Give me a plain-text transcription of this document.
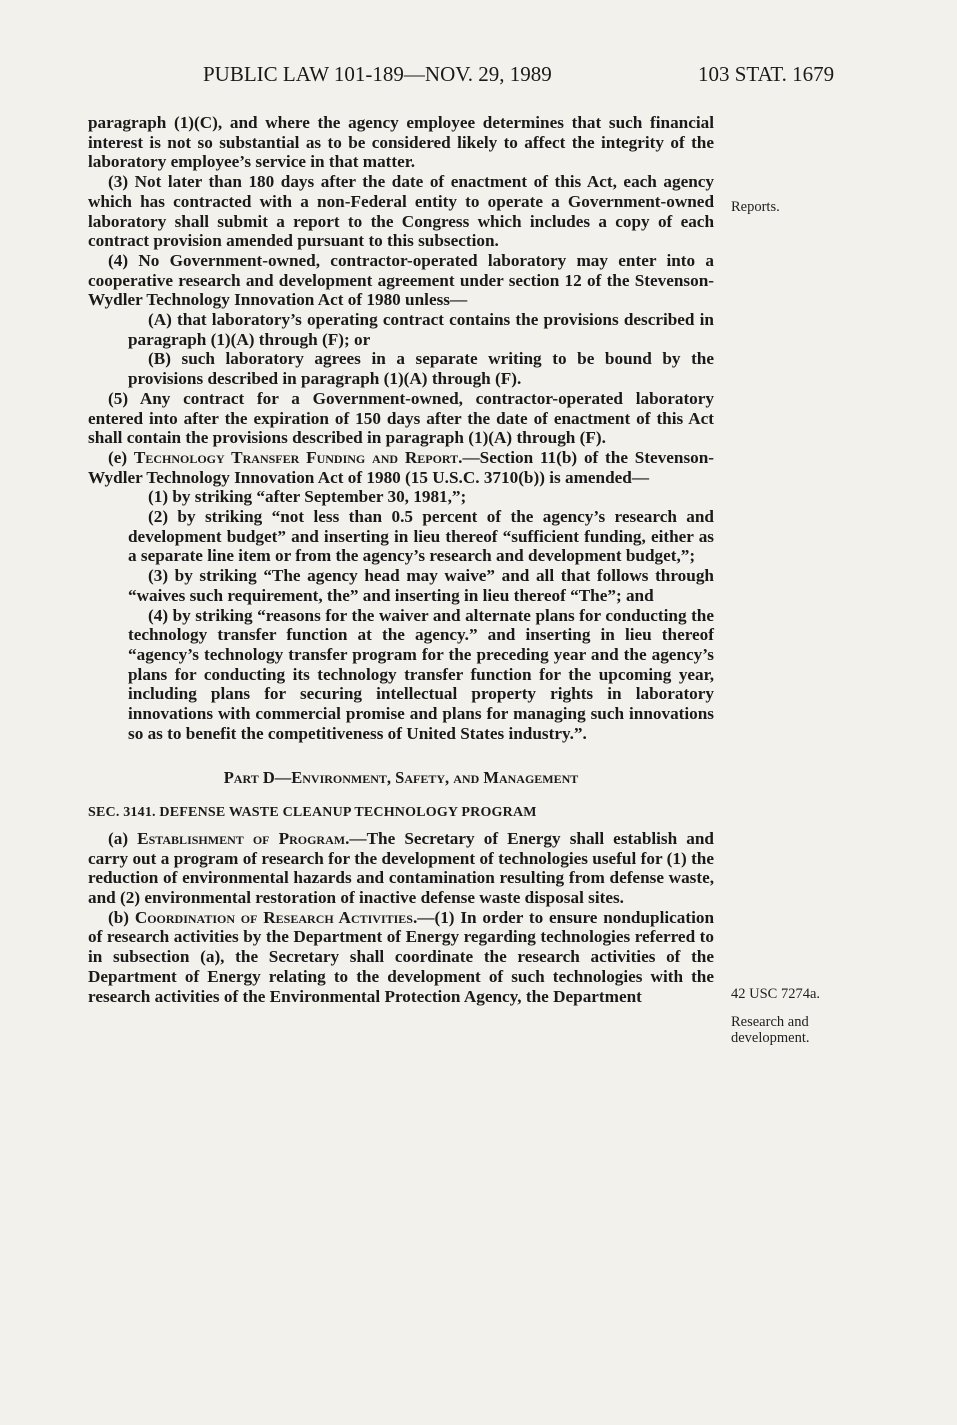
PUBLIC LAW 101-189—NOV. 29, 1989	103 STAT. 1679
Reports.
42 USC 7274a.
Research and
development.

paragraph (1)(C), and where the agency employee determines that such financial interest is not so substantial as to be considered likely to affect the integrity of the laboratory employee’s service in that matter.

(3) Not later than 180 days after the date of enactment of this Act, each agency which has contracted with a non-Federal entity to operate a Government-owned laboratory shall submit a report to the Congress which includes a copy of each contract provision amended pursuant to this subsection.

(4) No Government-owned, contractor-operated laboratory may enter into a cooperative research and development agreement under section 12 of the Stevenson-Wydler Technology Innovation Act of 1980 unless—

(A) that laboratory’s operating contract contains the provisions described in paragraph (1)(A) through (F); or

(B) such laboratory agrees in a separate writing to be bound by the provisions described in paragraph (1)(A) through (F).

(5) Any contract for a Government-owned, contractor-operated laboratory entered into after the expiration of 150 days after the date of enactment of this Act shall contain the provisions described in paragraph (1)(A) through (F).

(e) Technology Transfer Funding and Report.—Section 11(b) of the Stevenson-Wydler Technology Innovation Act of 1980 (15 U.S.C. 3710(b)) is amended—

(1) by striking “after September 30, 1981,”;

(2) by striking “not less than 0.5 percent of the agency’s research and development budget” and inserting in lieu thereof “sufficient funding, either as a separate line item or from the agency’s research and development budget,”;

(3) by striking “The agency head may waive” and all that follows through “waives such requirement, the” and inserting in lieu thereof “The”; and

(4) by striking “reasons for the waiver and alternate plans for conducting the technology transfer function at the agency.” and inserting in lieu thereof “agency’s technology transfer program for the preceding year and the agency’s plans for conducting its technology transfer function for the upcoming year, including plans for securing intellectual property rights in laboratory innovations with commercial promise and plans for managing such innovations so as to benefit the competitiveness of United States industry.”.

Part D—Environment, Safety, and Management

SEC. 3141. DEFENSE WASTE CLEANUP TECHNOLOGY PROGRAM

(a) Establishment of Program.—The Secretary of Energy shall establish and carry out a program of research for the development of technologies useful for (1) the reduction of environmental hazards and contamination resulting from defense waste, and (2) environmental restoration of inactive defense waste disposal sites.

(b) Coordination of Research Activities.—(1) In order to ensure nonduplication of research activities by the Department of Energy regarding technologies referred to in subsection (a), the Secretary shall coordinate the research activities of the Department of Energy relating to the development of such technologies with the research activities of the Environmental Protection Agency, the Department
